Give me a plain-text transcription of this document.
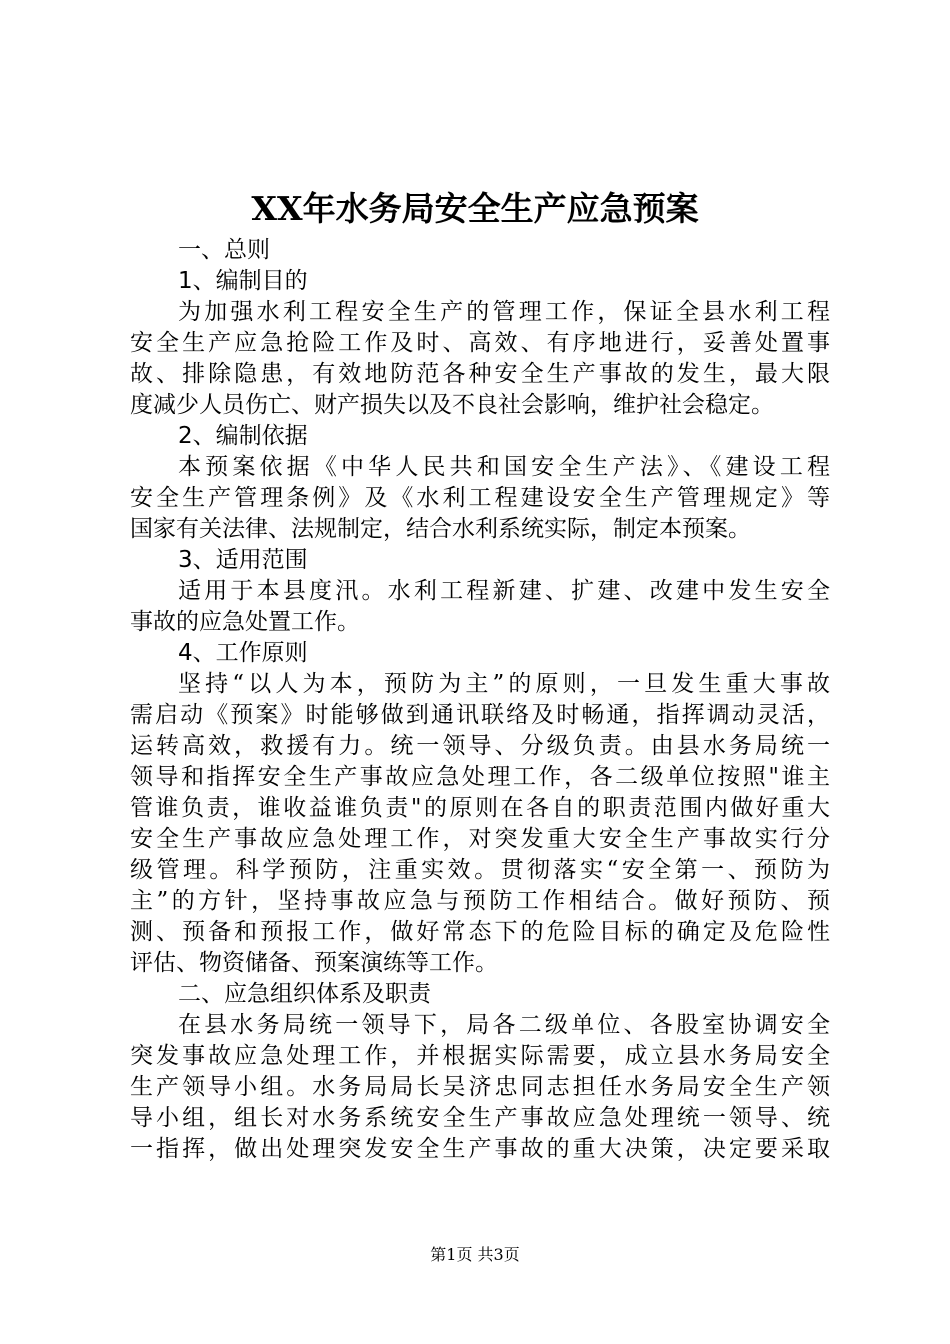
XX年水务局安全生产应急预案
一、总则
1、编制目的
为加强水利工程安全生产的管理工作，保证全县水利工程
安全生产应急抢险工作及时、高效、有序地进行，妥善处置事
故、排除隐患，有效地防范各种安全生产事故的发生，最大限
度减少人员伤亡、财产损失以及不良社会影响，维护社会稳定。
2、编制依据
本预案依据《中华人民共和国安全生产法》、《建设工程
安全生产管理条例》及《水利工程建设安全生产管理规定》等
国家有关法律、法规制定，结合水利系统实际，制定本预案。
3、适用范围
适用于本县度汛。水利工程新建、扩建、改建中发生安全
事故的应急处置工作。
4、工作原则
坚持“以人为本，预防为主”的原则，一旦发生重大事故
需启动《预案》时能够做到通讯联络及时畅通，指挥调动灵活，
运转高效，救援有力。统一领导、分级负责。由县水务局统一
领导和指挥安全生产事故应急处理工作，各二级单位按照"谁主
管谁负责，谁收益谁负责"的原则在各自的职责范围内做好重大
安全生产事故应急处理工作，对突发重大安全生产事故实行分
级管理。科学预防，注重实效。贯彻落实“安全第一、预防为
主”的方针，坚持事故应急与预防工作相结合。做好预防、预
测、预备和预报工作，做好常态下的危险目标的确定及危险性
评估、物资储备、预案演练等工作。
二、应急组织体系及职责
在县水务局统一领导下，局各二级单位、各股室协调安全
突发事故应急处理工作，并根据实际需要，成立县水务局安全
生产领导小组。水务局局长吴济忠同志担任水务局安全生产领
导小组，组长对水务系统安全生产事故应急处理统一领导、统
一指挥，做出处理突发安全生产事故的重大决策，决定要采取
第1页 共3页
